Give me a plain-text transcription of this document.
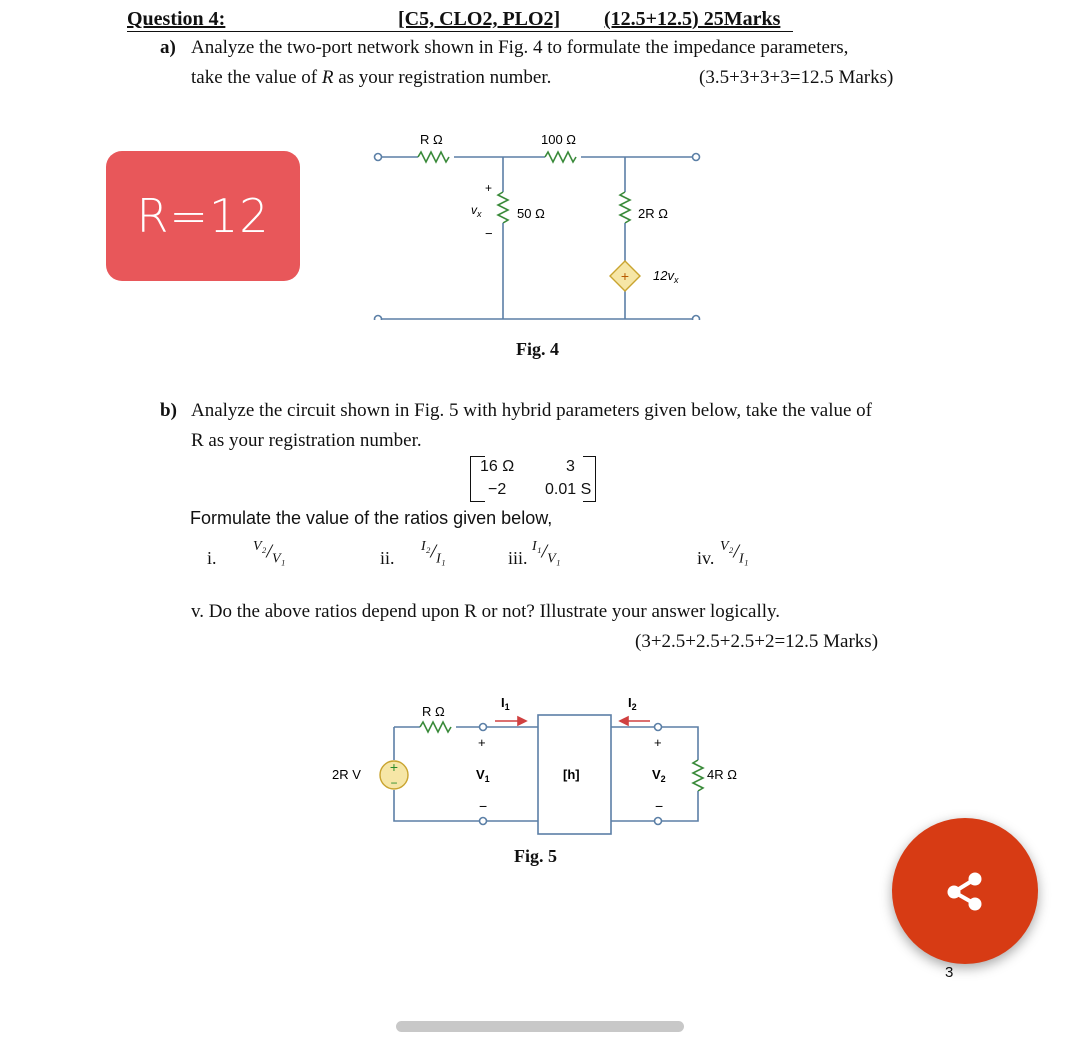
Question 4:	[C5, CLO2, PLO2] (12.5+12.5) 25Marks
a) Analyze the two-port network shown in Fig. 4 to formulate the impedance parameters,
take the value of R as your registration number.	(3.5+3+3+3=12.5 Marks)
R=12
+
R Ω	100 Ω
50 Ω	2R Ω
+
$v_x$
−
$12v_x$
Fig. 4
b) Analyze the circuit shown in Fig. 5 with hybrid parameters given below, take the value of
R as your registration number.
16 Ω	3
−2 0.01 S
Formulate the value of the ratios given below,
i.
$^{V_2}/_{V_1}$	ii.
$^{I_2}/_{I_1}$	iii.
$^{I_1}/_{V_1}$	iv.
$^{V_2}/_{I_1}$
v. Do the above ratios depend upon R or not? Illustrate your answer logically.
(3+2.5+2.5+2.5+2=12.5 Marks)
+
−
R Ω
$I_1$	$I_2$
2R V
+
$V_1$
−
[h]
+
$V_2$
−
4R Ω
Fig. 5
3
